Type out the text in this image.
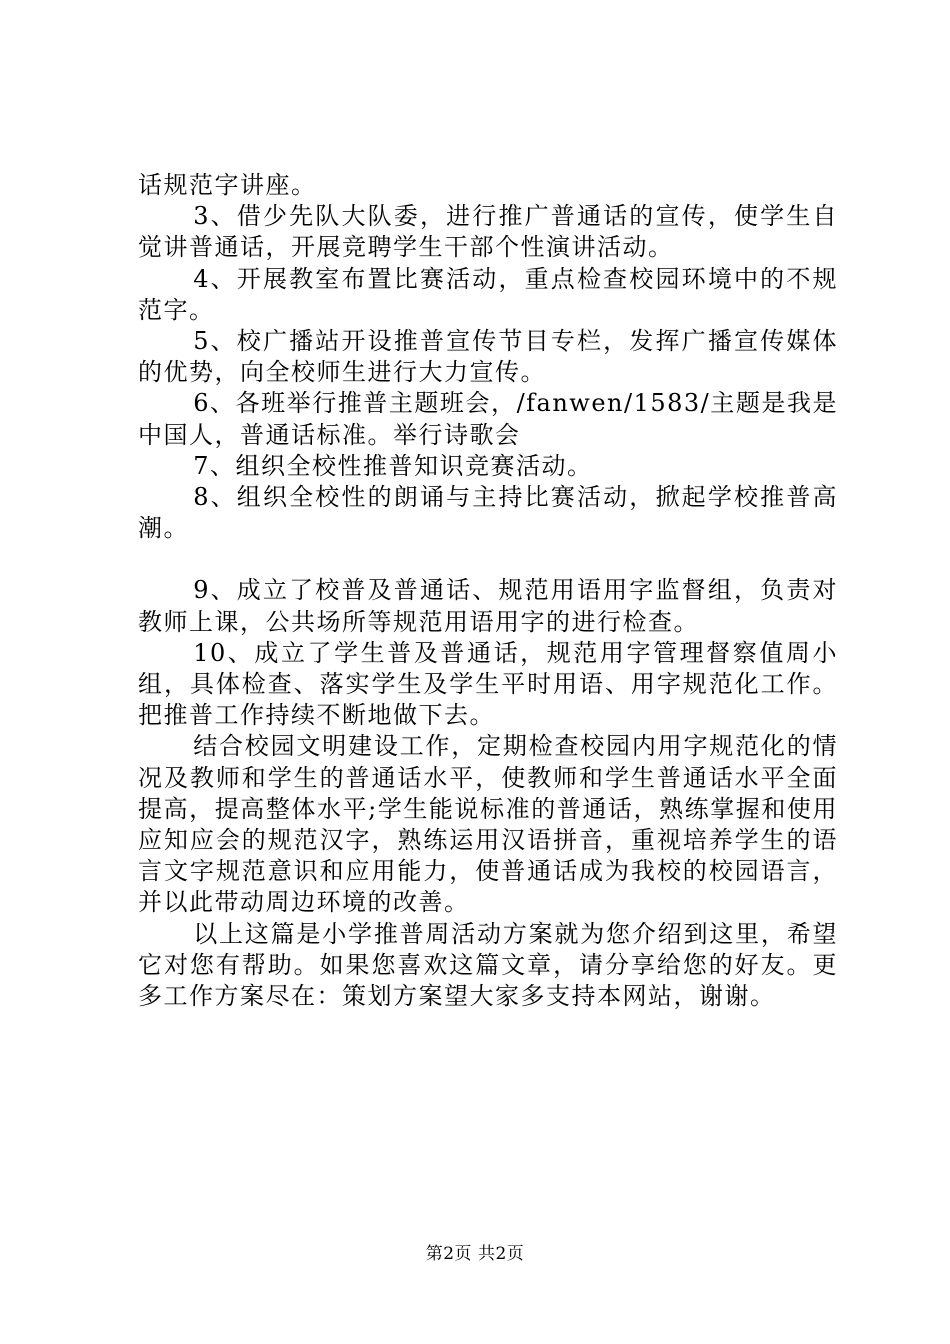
话规范字讲座。

3、借少先队大队委，进行推广普通话的宣传，使学生自觉讲普通话，开展竞聘学生干部个性演讲活动。

4、开展教室布置比赛活动，重点检查校园环境中的不规范字。

5、校广播站开设推普宣传节目专栏，发挥广播宣传媒体的优势，向全校师生进行大力宣传。

6、各班举行推普主题班会，/fanwen/1583/主题是我是中国人，普通话标准。举行诗歌会

7、组织全校性推普知识竞赛活动。

8、组织全校性的朗诵与主持比赛活动，掀起学校推普高潮。

9、成立了校普及普通话、规范用语用字监督组，负责对教师上课，公共场所等规范用语用字的进行检查。

10、成立了学生普及普通话，规范用字管理督察值周小组，具体检查、落实学生及学生平时用语、用字规范化工作。把推普工作持续不断地做下去。

结合校园文明建设工作，定期检查校园内用字规范化的情况及教师和学生的普通话水平，使教师和学生普通话水平全面提高，提高整体水平;学生能说标准的普通话，熟练掌握和使用应知应会的规范汉字，熟练运用汉语拼音，重视培养学生的语言文字规范意识和应用能力，使普通话成为我校的校园语言，并以此带动周边环境的改善。

以上这篇是小学推普周活动方案就为您介绍到这里，希望它对您有帮助。如果您喜欢这篇文章，请分享给您的好友。更多工作方案尽在：策划方案望大家多支持本网站，谢谢。

第2页 共2页
